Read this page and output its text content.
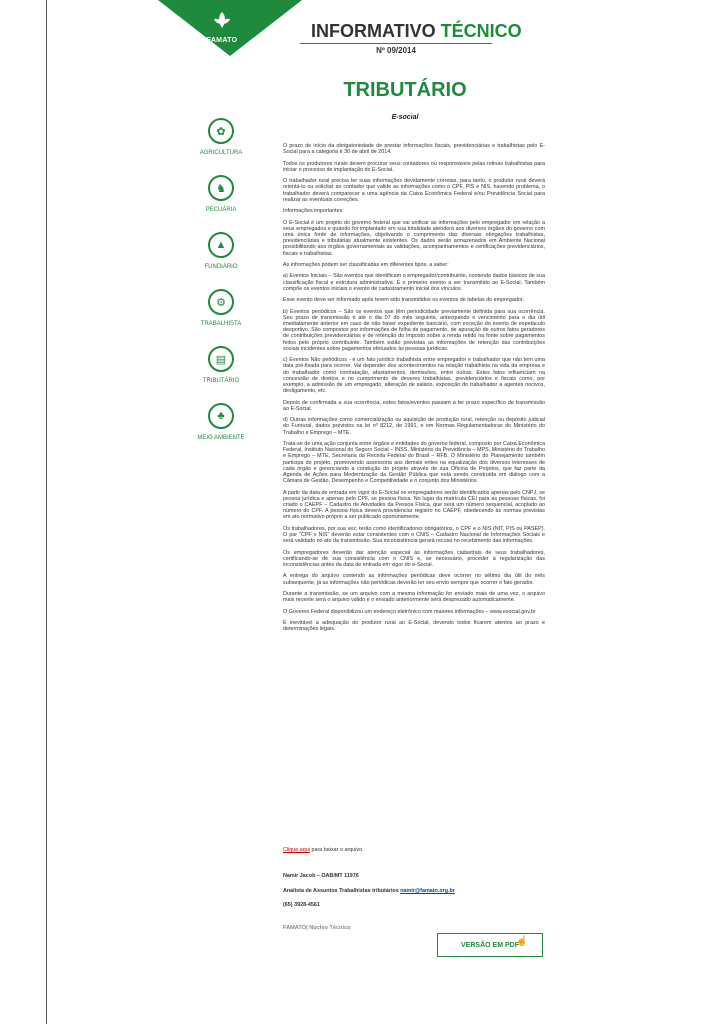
FAMATO	INFORMATIVO TÉCNICO
Nº 09/2014
TRIBUTÁRIO
E-social
✿
AGRICULTURA
♞
PECUÁRIA
▲
FUNDIÁRIO
⚙
TRABALHISTA
▤
TRIBUTÁRIO
♣
MEIO AMBIENTE

O prazo de início da obrigatoriedade de prestar informações fiscais, previdenciárias e trabalhistas pelo E-Social para a categoria é 30 de abril de 2014.

Todos os produtores rurais devem procurar seus contadores ou responsáveis pelas rotinas trabalhistas para iniciar o processo de implantação do E-Social.

O trabalhador rural precisa ter suas informações devidamente corretas, para tanto, o produtor rural deverá orientá-lo ou solicitar ao contador que valide as informações como o CPF, PIS e NIS, havendo problema, o trabalhador deverá comparecer a uma agência da Caixa Econômica Federal e/ou Previdência Social para realizar as eventuais correções.

Informações importantes:

O E-Social é um projeto do governo federal que vai unificar as informações pelo empregador em relação a seus empregados e quando for implantado em sua totalidade atenderá aos diversos órgãos do governo com uma única fonte de informações, objetivando o cumprimento das diversas obrigações trabalhistas, previdenciárias e tributárias atualmente existentes. Os dados serão armazenados em Ambiente Nacional possibilitando aos órgãos governamentais as validações, acompanhamentos e certificações previdenciários, fiscais e trabalhistas.

As informações podem ser classificadas em diferentes tipos, a saber:

a) Eventos Iniciais – São eventos que identificam o empregador/contribuinte, contendo dados básicos de sua classificação fiscal e estrutura administrativa. É o primeiro evento a ser transmitido ao E-Social. Também compõe os eventos iniciais o evento de cadastramento inicial dos vínculos.

Esse evento deve ser informado após terem sido transmitidos os eventos de tabelas do empregador.

b) Eventos periódicos – São os eventos que têm periodicidade previamente definida para sua ocorrência. Seu prazo de transmissão é até o dia 07 do mês seguinte, antecipando o vencimento para o dia útil imediatamente anterior em caso de não haver expediente bancário, com exceção do evento de espetáculo desportivo. São compostos por informações de folha de pagamento, de apuração de outros fatos geradores de contribuições previdenciárias e de retenção do imposto sobre a renda retido na fonte sobre pagamentos feitos pelo próprio contribuinte. Também estão previstas as informações de retenção das contribuições sociais incidentes sobre pagamentos efetuados às pessoas jurídicas.

c) Eventos Não periódicos - é um fato jurídico trabalhista entre empregador e trabalhador que não tem uma data pré-fixada para ocorrer. Vai depender dos acontecimentos na relação trabalhista na vida da empresa e do trabalhador como contratação, afastamentos, demissões, entre outras. Estes fatos influenciam na concessão de direitos e no cumprimento de deveres trabalhistas, previdenciários e fiscais como, por exemplo, a admissão de um empregado, alteração de salário, exposição do trabalhador a agentes nocivos, desligamento, etc.

Depois de confirmada a sua ocorrência, estes fatos/eventos passam a ter prazo específico de transmissão ao E-Social.

d) Outras informações como comercialização ou aquisição de produção rural, retenção ou depósito judicial do Funrural, dados previstos na lei nº 8212, de 1991, e em Normas Regulamentadoras do Ministério do Trabalho e Emprego – MTE.

Trata-se de uma ação conjunta entre órgãos e entidades do governo federal, composto por Caixa Econômica Federal, Instituto Nacional do Seguro Social – INSS, Ministério da Previdência – MPS, Ministério do Trabalho e Emprego – MTE, Secretaria da Receita Federal do Brasil – RFB. O Ministério do Planejamento também participa do projeto, promovendo assessoria aos demais entes na equalização dos diversos interesses de cada órgão e gerenciando a condução do projeto através de sua Oficina de Projetos, que faz parte da Agenda de Ações para Modernização da Gestão Pública que está sendo construída em diálogo com a Câmara de Gestão, Desempenho e Competitividade e o conjunto dos Ministérios.

A partir da data de entrada em vigor do E-Social os empregadores serão identificados apenas pelo CNPJ, se pessoa jurídica e apenas pelo CPF, se pessoa física. No lugar da matrícula CEI para as pessoas físicas, foi criado o CAEPF – Cadastro de Atividades da Pessoa Física, que será um número sequencial, acoplado ao número do CPF. A pessoa física deverá providenciar registro no CAEPF, obedecendo às normas previstas em ato normativo próprio a ser publicado oportunamente.

Os trabalhadores, por sua vez, terão como identificadores obrigatórios, o CPF e o NIS (NIT, PIS ou PASEP). O par "CPF x NIS" deverão estar consistentes com o CNIS – Cadastro Nacional de Informações Sociais e será validado no ato da transmissão. Sua inconsistência gerará recusa no recebimento das informações.

Os empregadores deverão dar atenção especial às informações cadastrais de seus trabalhadores, certificando-se de sua consistência com o CNIS e, se necessário, proceder à regularização das inconsistências antes da data de entrada em vigor do e-Social.

A entrega do arquivo contendo as informações periódicas deve ocorrer no sétimo dia útil do mês subsequente, já as informações não periódicas deverão ter seu envio sempre que ocorrer o fato gerador.

Durante a transmissão, se um arquivo com a mesma informação for enviado mais de uma vez, o arquivo mais recente será o arquivo válido e o enviado anteriormente será desprezado automaticamente.

O Governo Federal disponibilizou um endereço eletrônico com maiores informações – www.esocial.gov.br

É inevitável a adequação do produtor rural ao E-Social, devendo todos ficarem atentos ao prazo e determinações legais.

Clique aqui para baixar o arquivo.
Namir Jacob – OAB/MT 11976
Analista de Assuntos Trabalhistas tributários namir@famato.org.br
(65) 3928-4561
FAMATO| Núcleo Técnico
VERSÃO EM PDF
☝
